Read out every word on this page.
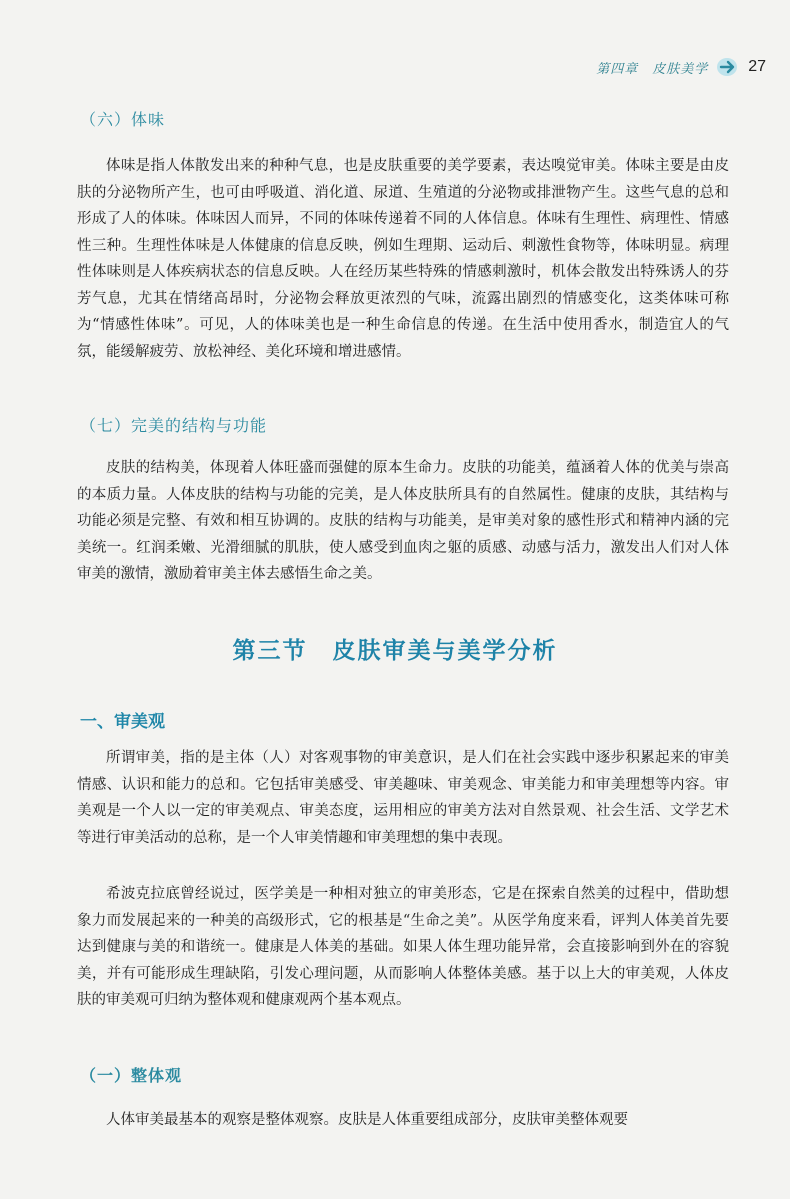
第四章　皮肤美学	27
（六）体味

体味是指人体散发出来的种种气息，也是皮肤重要的美学要素，表达嗅觉审美。体味主要是由皮肤的分泌物所产生，也可由呼吸道、消化道、尿道、生殖道的分泌物或排泄物产生。这些气息的总和形成了人的体味。体味因人而异，不同的体味传递着不同的人体信息。体味有生理性、病理性、情感性三种。生理性体味是人体健康的信息反映，例如生理期、运动后、刺激性食物等，体味明显。病理性体味则是人体疾病状态的信息反映。人在经历某些特殊的情感刺激时，机体会散发出特殊诱人的芬芳气息，尤其在情绪高昂时，分泌物会释放更浓烈的气味，流露出剧烈的情感变化，这类体味可称为“情感性体味”。可见，人的体味美也是一种生命信息的传递。在生活中使用香水，制造宜人的气氛，能缓解疲劳、放松神经、美化环境和增进感情。

（七）完美的结构与功能

皮肤的结构美，体现着人体旺盛而强健的原本生命力。皮肤的功能美，蕴涵着人体的优美与崇高的本质力量。人体皮肤的结构与功能的完美，是人体皮肤所具有的自然属性。健康的皮肤，其结构与功能必须是完整、有效和相互协调的。皮肤的结构与功能美，是审美对象的感性形式和精神内涵的完美统一。红润柔嫩、光滑细腻的肌肤，使人感受到血肉之躯的质感、动感与活力，激发出人们对人体审美的激情，激励着审美主体去感悟生命之美。

第三节　皮肤审美与美学分析
一、审美观

所谓审美，指的是主体（人）对客观事物的审美意识，是人们在社会实践中逐步积累起来的审美情感、认识和能力的总和。它包括审美感受、审美趣味、审美观念、审美能力和审美理想等内容。审美观是一个人以一定的审美观点、审美态度，运用相应的审美方法对自然景观、社会生活、文学艺术等进行审美活动的总称，是一个人审美情趣和审美理想的集中表现。

希波克拉底曾经说过，医学美是一种相对独立的审美形态，它是在探索自然美的过程中，借助想象力而发展起来的一种美的高级形式，它的根基是“生命之美”。从医学角度来看，评判人体美首先要达到健康与美的和谐统一。健康是人体美的基础。如果人体生理功能异常，会直接影响到外在的容貌美，并有可能形成生理缺陷，引发心理问题，从而影响人体整体美感。基于以上大的审美观，人体皮肤的审美观可归纳为整体观和健康观两个基本观点。

（一）整体观

人体审美最基本的观察是整体观察。皮肤是人体重要组成部分，皮肤审美整体观要
